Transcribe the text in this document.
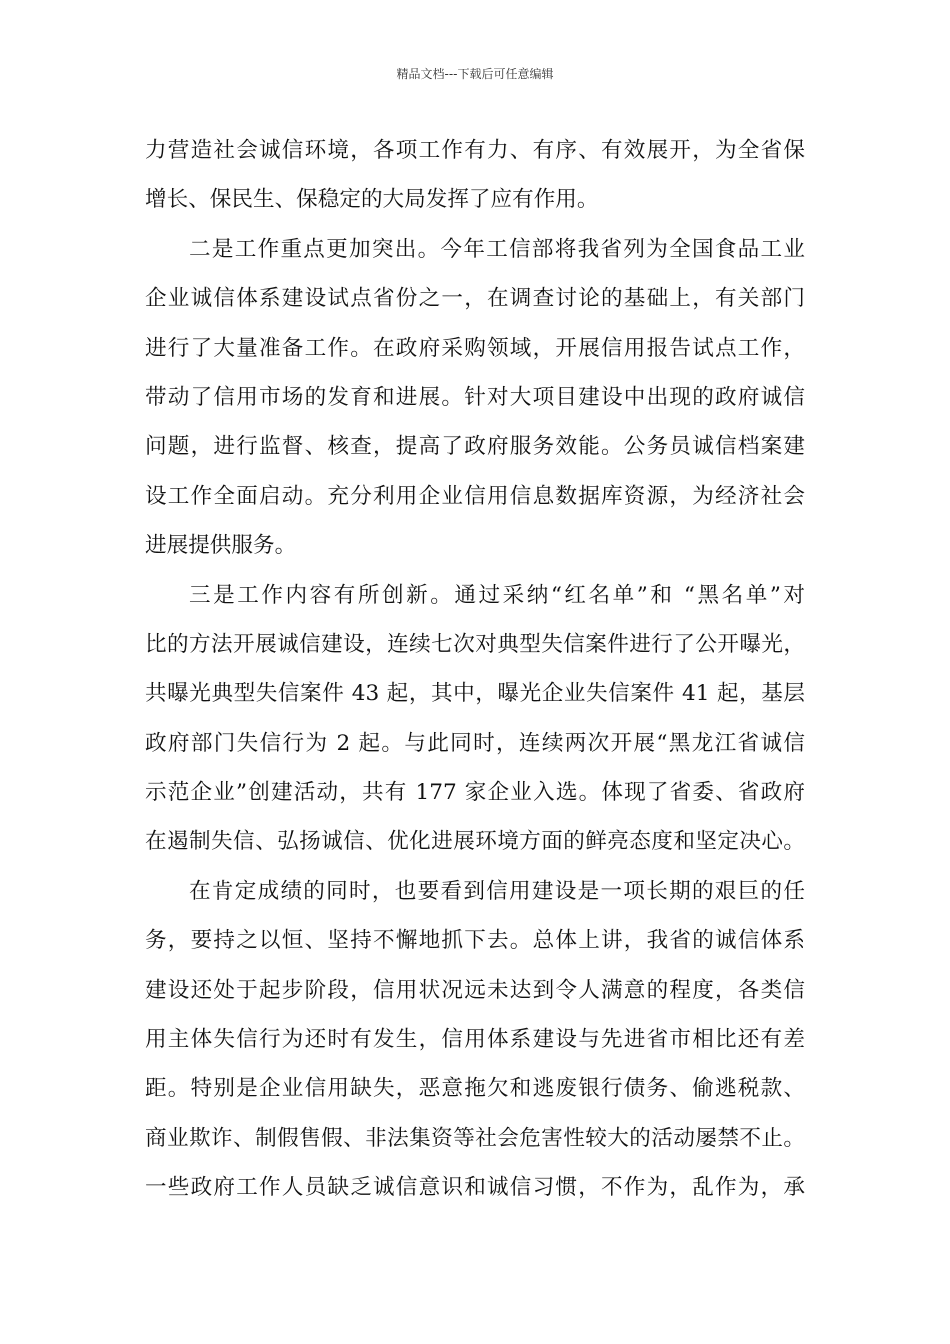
精品文档---下载后可任意编辑
力营造社会诚信环境，各项工作有力、有序、有效展开，为全省保
增长、保民生、保稳定的大局发挥了应有作用。
二是工作重点更加突出。今年工信部将我省列为全国食品工业
企业诚信体系建设试点省份之一，在调查讨论的基础上，有关部门
进行了大量准备工作。在政府采购领域，开展信用报告试点工作，
带动了信用市场的发育和进展。针对大项目建设中出现的政府诚信
问题，进行监督、核查，提高了政府服务效能。公务员诚信档案建
设工作全面启动。充分利用企业信用信息数据库资源，为经济社会
进展提供服务。
三是工作内容有所创新。通过采纳“红名单”和 “黑名单”对
比的方法开展诚信建设，连续七次对典型失信案件进行了公开曝光，
共曝光典型失信案件 43 起，其中，曝光企业失信案件 41 起，基层
政府部门失信行为 2 起。与此同时，连续两次开展“黑龙江省诚信
示范企业”创建活动，共有 177 家企业入选。体现了省委、省政府
在遏制失信、弘扬诚信、优化进展环境方面的鲜亮态度和坚定决心。
在肯定成绩的同时，也要看到信用建设是一项长期的艰巨的任
务，要持之以恒、坚持不懈地抓下去。总体上讲，我省的诚信体系
建设还处于起步阶段，信用状况远未达到令人满意的程度，各类信
用主体失信行为还时有发生，信用体系建设与先进省市相比还有差
距。特别是企业信用缺失，恶意拖欠和逃废银行债务、偷逃税款、
商业欺诈、制假售假、非法集资等社会危害性较大的活动屡禁不止。
一些政府工作人员缺乏诚信意识和诚信习惯，不作为，乱作为，承
